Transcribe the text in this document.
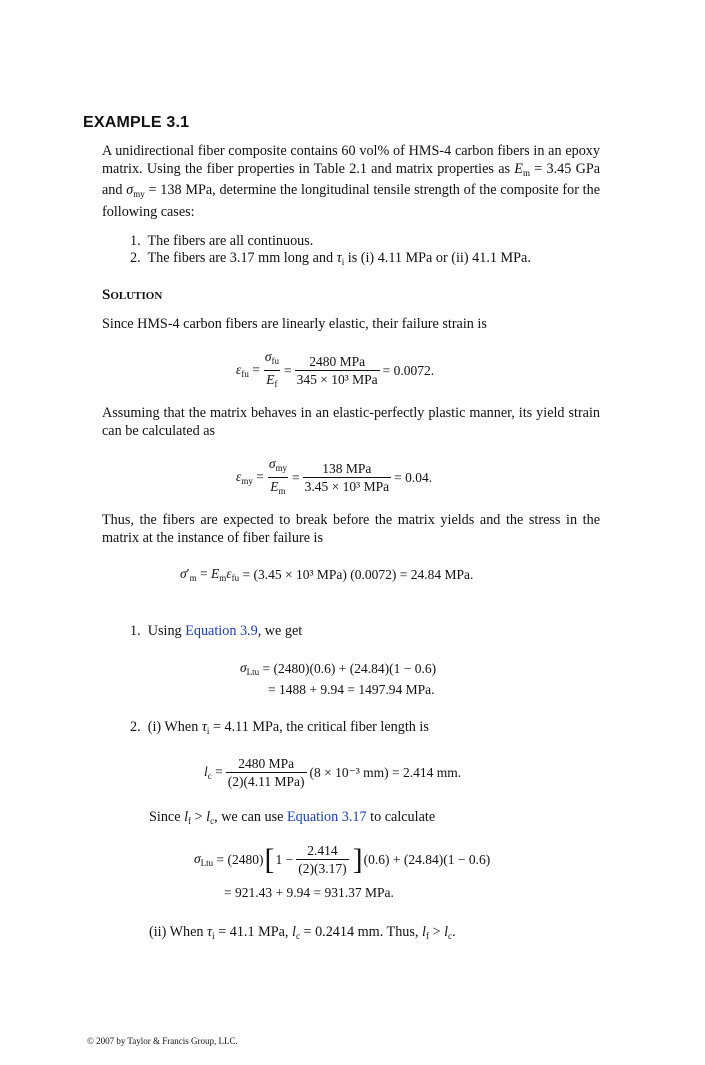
EXAMPLE 3.1
A unidirectional fiber composite contains 60 vol% of HMS-4 carbon fibers in an epoxy matrix. Using the fiber properties in Table 2.1 and matrix properties as $E_m = 3.45$ GPa and $\sigma_{my} = 138$ MPa, determine the longitudinal tensile strength of the composite for the following cases:
1. The fibers are all continuous.
2. The fibers are 3.17 mm long and $\tau_i$ is (i) 4.11 MPa or (ii) 41.1 MPa.
Solution
Since HMS-4 carbon fibers are linearly elastic, their failure strain is
$\varepsilon_{fu} = \frac{\sigma_{fu}}{E_f} = \frac{\text{2480 MPa}}{\text{345 × 10³ MPa}} = 0.0072$.
Assuming that the matrix behaves in an elastic-perfectly plastic manner, its yield strain can be calculated as
$\varepsilon_{my} = \frac{\sigma_{my}}{E_m} = \frac{\text{138 MPa}}{\text{3.45 × 10³ MPa}} = 0.04$.
Thus, the fibers are expected to break before the matrix yields and the stress in the matrix at the instance of fiber failure is
$\sigma'_m = E_m\varepsilon_{fu} = (3.45 \times 10^3$ MPa) (0.0072) = 24.84 MPa.
1. Using Equation 3.9, we get
$\sigma_{Ltu} = (2480)(0.6) + (24.84)(1 - 0.6)$
= 1488 + 9.94 = 1497.94 MPa.
2. (i) When $\tau_i = 4.11$ MPa, the critical fiber length is
$l_c = \frac{\text{2480 MPa}}{\text{(2)(4.11 MPa)}} (8 \times 10^{-3}$ mm) = 2.414 mm.
Since $l_f > l_c$, we can use Equation 3.17 to calculate
$\sigma_{Ltu} = (2480)$ [ $1 - \frac{2.414}{(2)(3.17)}$ ] (0.6) + (24.84)(1 − 0.6)
= 921.43 + 9.94 = 931.37 MPa.
(ii) When $\tau_i = 41.1$ MPa, $l_c = 0.2414$ mm. Thus, $l_f > l_c$.
© 2007 by Taylor & Francis Group, LLC.
